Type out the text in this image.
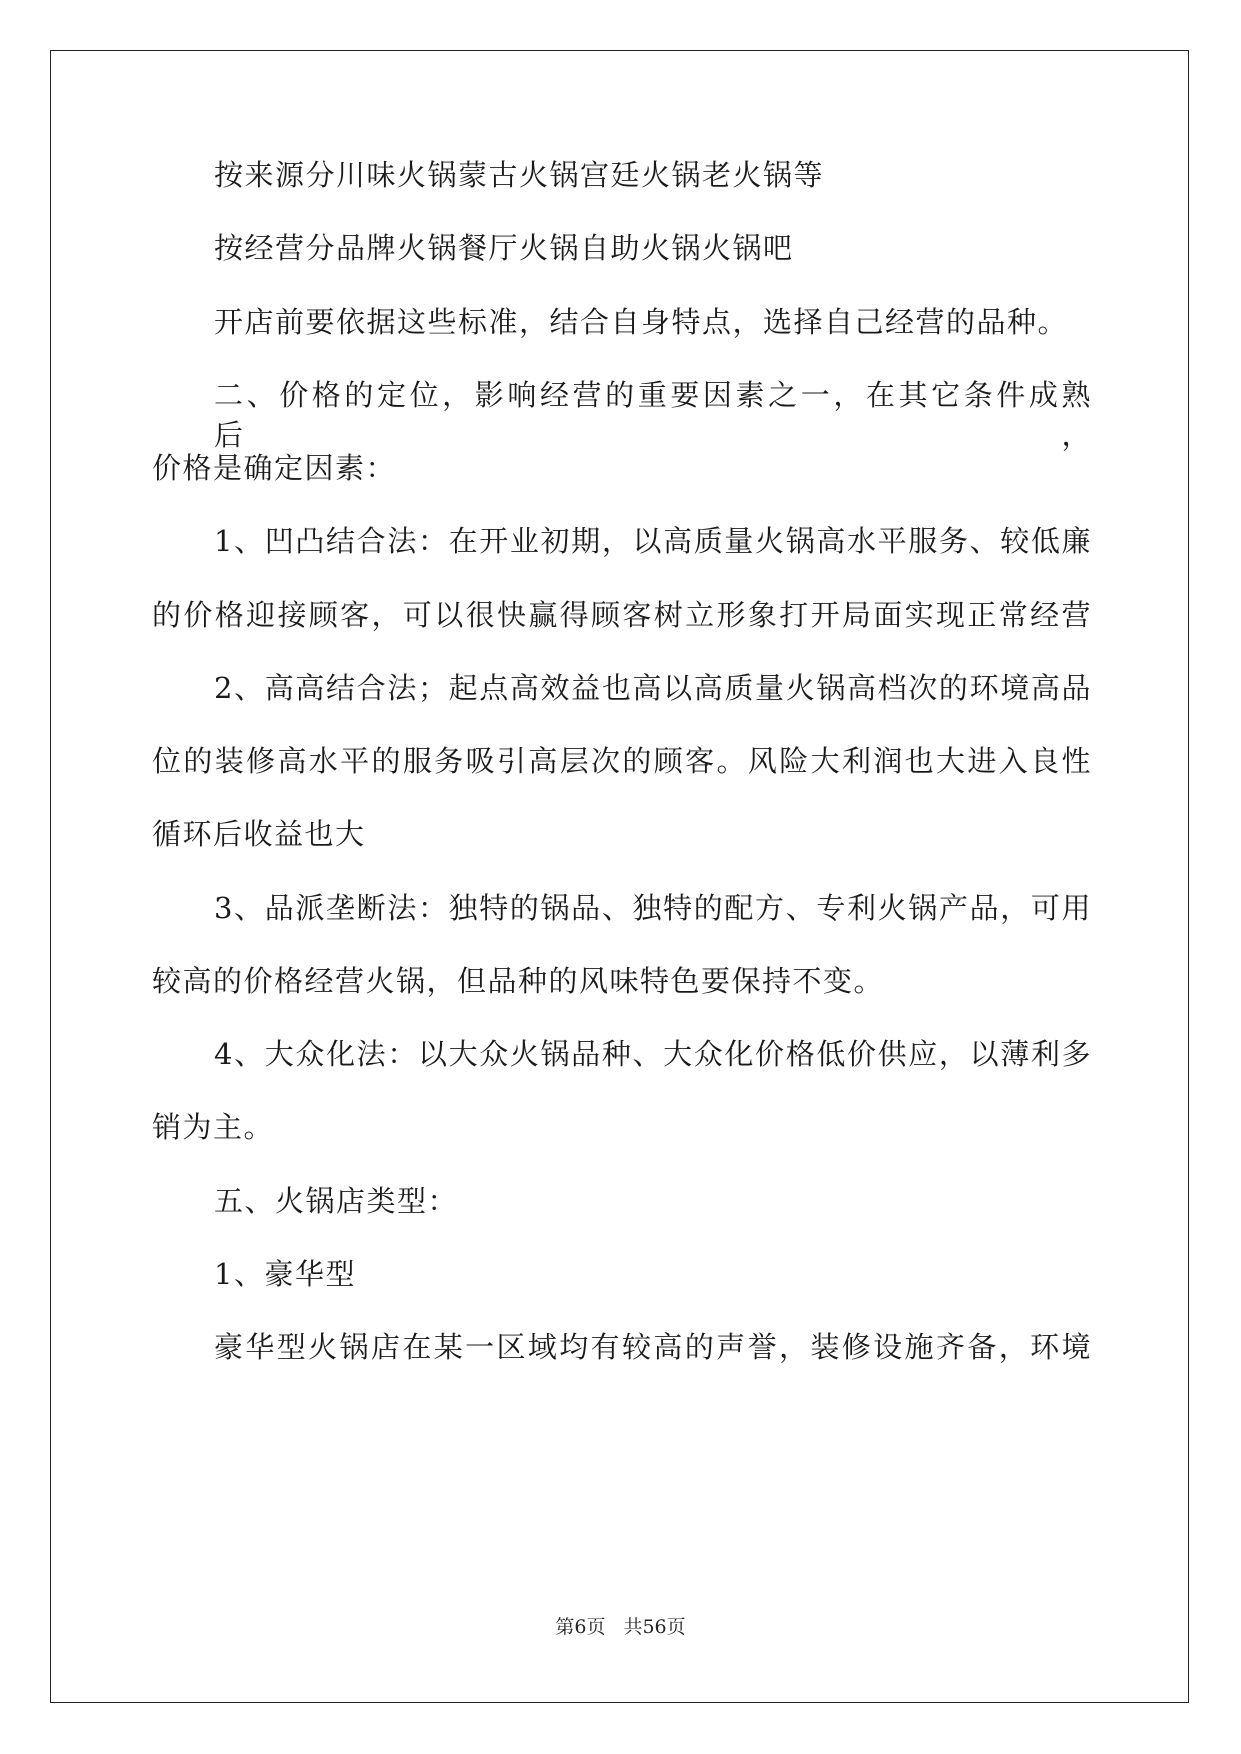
按来源分川味火锅蒙古火锅宫廷火锅老火锅等
按经营分品牌火锅餐厅火锅自助火锅火锅吧
开店前要依据这些标准，结合自身特点，选择自己经营的品种。
二、价格的定位，影响经营的重要因素之一，在其它条件成熟后，
价格是确定因素：
1、凹凸结合法：在开业初期，以高质量火锅高水平服务、较低廉
的价格迎接顾客，可以很快赢得顾客树立形象打开局面实现正常经营
2、高高结合法；起点高效益也高以高质量火锅高档次的环境高品
位的装修高水平的服务吸引高层次的顾客。风险大利润也大进入良性
循环后收益也大
3、品派垄断法：独特的锅品、独特的配方、专利火锅产品，可用
较高的价格经营火锅，但品种的风味特色要保持不变。
4、大众化法：以大众火锅品种、大众化价格低价供应，以薄利多
销为主。
五、火锅店类型：
1、豪华型
豪华型火锅店在某一区域均有较高的声誉，装修设施齐备，环境
第6页 共56页
